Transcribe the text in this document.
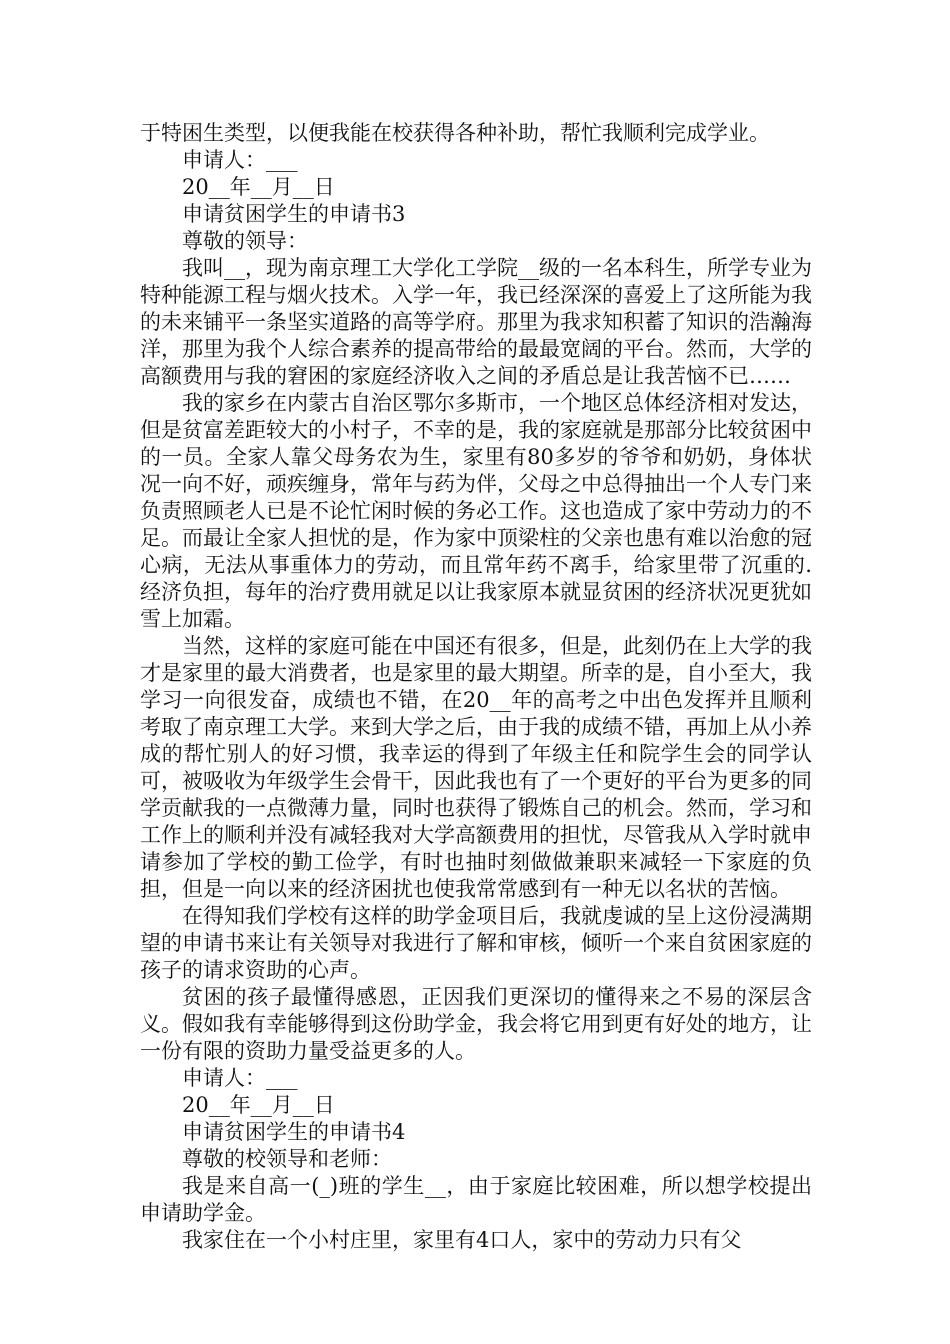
于特困生类型，以便我能在校获得各种补助，帮忙我顺利完成学业。

申请人：___

20__年__月__日

申请贫困学生的申请书3

尊敬的领导：

我叫__，现为南京理工大学化工学院__级的一名本科生，所学专业为特种能源工程与烟火技术。入学一年，我已经深深的喜爱上了这所能为我的未来铺平一条坚实道路的高等学府。那里为我求知积蓄了知识的浩瀚海洋，那里为我个人综合素养的提高带给的最最宽阔的平台。然而，大学的高额费用与我的窘困的家庭经济收入之间的矛盾总是让我苦恼不已……

我的家乡在内蒙古自治区鄂尔多斯市，一个地区总体经济相对发达，但是贫富差距较大的小村子，不幸的是，我的家庭就是那部分比较贫困中的一员。全家人靠父母务农为生，家里有80多岁的爷爷和奶奶，身体状况一向不好，顽疾缠身，常年与药为伴，父母之中总得抽出一个人专门来负责照顾老人已是不论忙闲时候的务必工作。这也造成了家中劳动力的不足。而最让全家人担忧的是，作为家中顶梁柱的父亲也患有难以治愈的冠心病，无法从事重体力的劳动，而且常年药不离手，给家里带了沉重的.经济负担，每年的治疗费用就足以让我家原本就显贫困的经济状况更犹如雪上加霜。

当然，这样的家庭可能在中国还有很多，但是，此刻仍在上大学的我才是家里的最大消费者，也是家里的最大期望。所幸的是，自小至大，我学习一向很发奋，成绩也不错，在20__年的高考之中出色发挥并且顺利考取了南京理工大学。来到大学之后，由于我的成绩不错，再加上从小养成的帮忙别人的好习惯，我幸运的得到了年级主任和院学生会的同学认可，被吸收为年级学生会骨干，因此我也有了一个更好的平台为更多的同学贡献我的一点微薄力量，同时也获得了锻炼自己的机会。然而，学习和工作上的顺利并没有减轻我对大学高额费用的担忧，尽管我从入学时就申请参加了学校的勤工俭学，有时也抽时刻做做兼职来减轻一下家庭的负担，但是一向以来的经济困扰也使我常常感到有一种无以名状的苦恼。

在得知我们学校有这样的助学金项目后，我就虔诚的呈上这份浸满期望的申请书来让有关领导对我进行了解和审核，倾听一个来自贫困家庭的孩子的请求资助的心声。

贫困的孩子最懂得感恩，正因我们更深切的懂得来之不易的深层含义。假如我有幸能够得到这份助学金，我会将它用到更有好处的地方，让一份有限的资助力量受益更多的人。

申请人：___

20__年__月__日

申请贫困学生的申请书4

尊敬的校领导和老师：

我是来自高一(_)班的学生__，由于家庭比较困难，所以想学校提出申请助学金。

我家住在一个小村庄里，家里有4口人，家中的劳动力只有父
